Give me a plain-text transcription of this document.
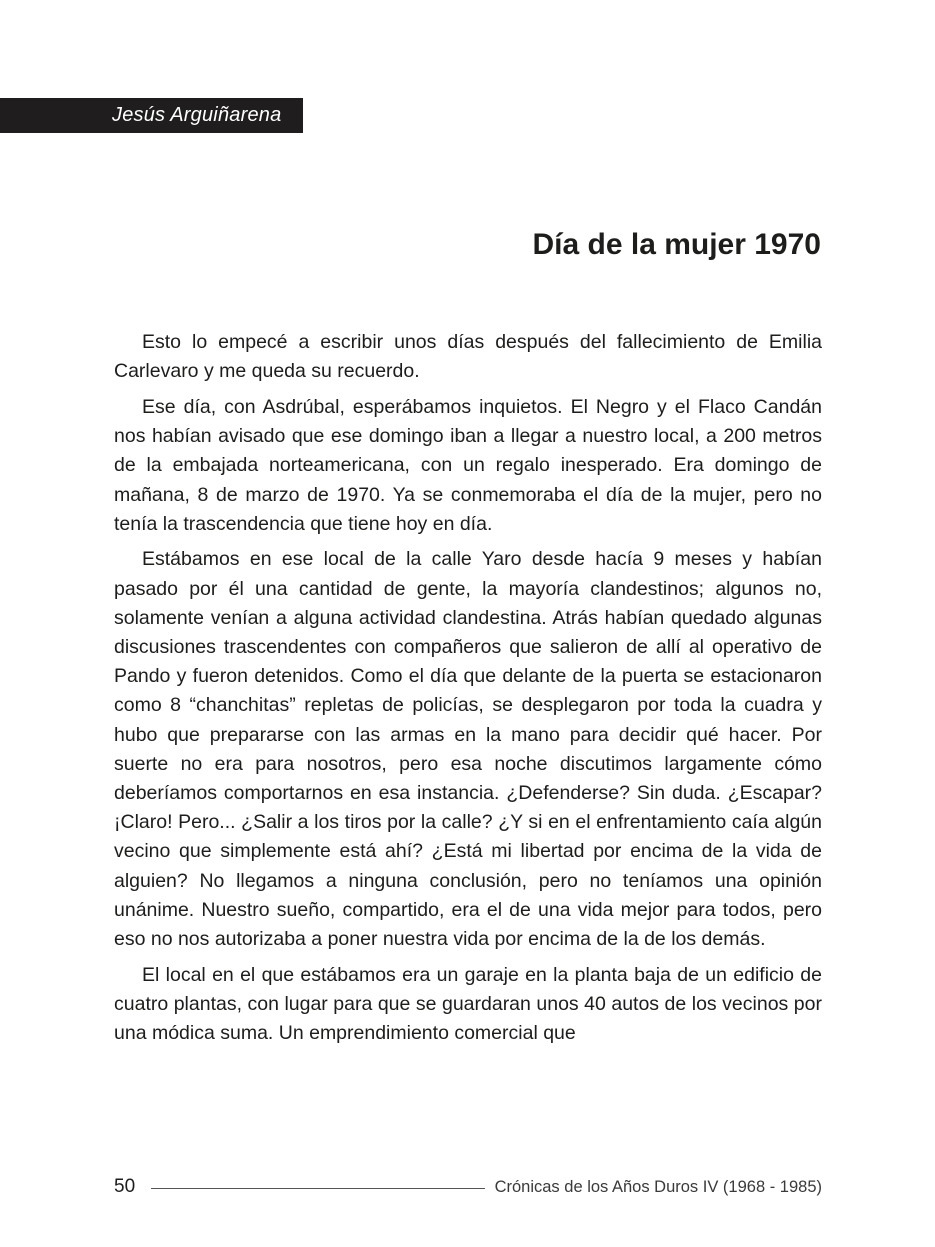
Jesús Arguiñarena
Día de la mujer 1970

Esto lo empecé a escribir unos días después del fallecimiento de Emilia Carlevaro y me queda su recuerdo.

Ese día, con Asdrúbal, esperábamos inquietos. El Negro y el Flaco Candán nos habían avisado que ese domingo iban a llegar a nuestro local, a 200 metros de la embajada norteamericana, con un regalo inesperado. Era domingo de mañana, 8 de marzo de 1970. Ya se conmemoraba el día de la mujer, pero no tenía la trascendencia que tiene hoy en día.

Estábamos en ese local de la calle Yaro desde hacía 9 meses y habían pasado por él una cantidad de gente, la mayoría clandestinos; algunos no, solamente venían a alguna actividad clandestina. Atrás habían quedado algunas discusiones trascendentes con compañeros que salieron de allí al operativo de Pando y fueron detenidos. Como el día que delante de la puerta se estacionaron como 8 “chanchitas” repletas de policías, se desplegaron por toda la cuadra y hubo que prepararse con las armas en la mano para decidir qué hacer. Por suerte no era para nosotros, pero esa noche discutimos largamente cómo deberíamos comportarnos en esa instancia. ¿Defenderse? Sin duda. ¿Escapar? ¡Claro! Pero... ¿Salir a los tiros por la calle? ¿Y si en el enfrentamiento caía algún vecino que simplemente está ahí? ¿Está mi libertad por encima de la vida de alguien? No llegamos a ninguna conclusión, pero no teníamos una opinión unánime. Nuestro sueño, compartido, era el de una vida mejor para todos, pero eso no nos autorizaba a poner nuestra vida por encima de la de los demás.

El local en el que estábamos era un garaje en la planta baja de un edificio de cuatro plantas, con lugar para que se guardaran unos 40 autos de los vecinos por una módica suma. Un emprendimiento comercial que

50	Crónicas de los Años Duros IV (1968 - 1985)
